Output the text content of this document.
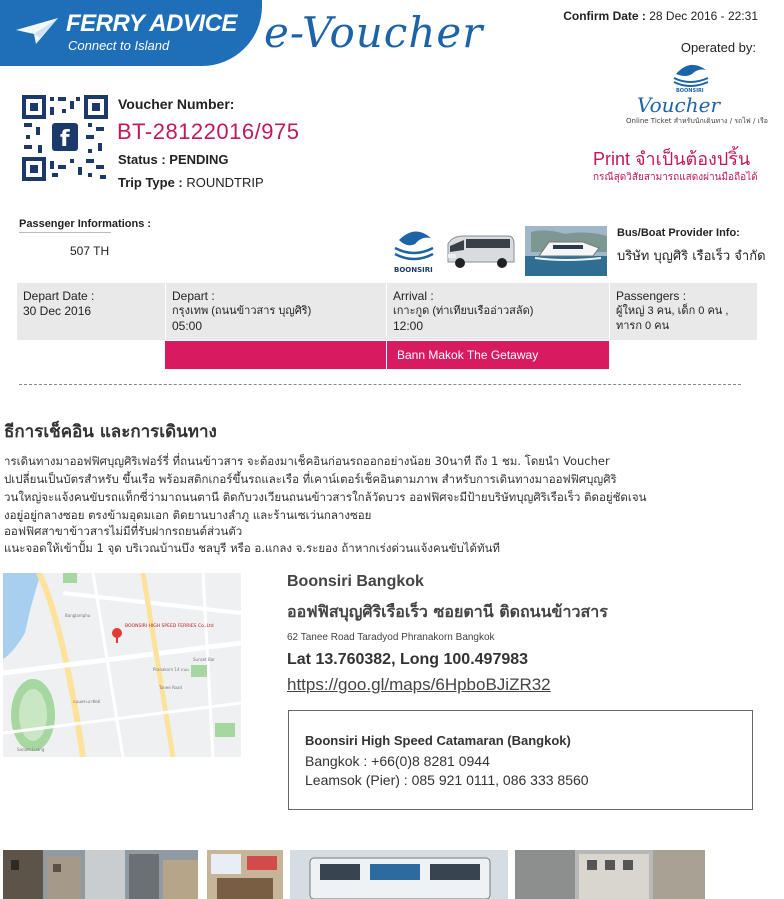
FERRY ADVICE
Connect to Island e-Voucher	Confirm Date : 28 Dec 2016 - 22:31
Operated by:
BOONSIRI
Voucher
Online Ticket สำหรับนักเดินทาง / รถไฟ / เรือ
Print จำเป็นต้องปริ้น
กรณีสุดวิสัยสามารถแสดงผ่านมือถือได้
f
Voucher Number:
BT-28122016/975
Status : PENDING
Trip Type : ROUNDTRIP
Passenger Informations :
507 TH
BOONSIRI
Bus/Boat Provider Info:
บริษัท บุญศิริ เรือเร็ว จำกัด
Depart Date :
30 Dec 2016
Depart :
กรุงเทพ (ถนนข้าวสาร บุญศิริ)
05:00
Arrival :
เกาะกูด (ท่าเทียบเรืออ่าวสลัด)
12:00
Passengers :
ผู้ใหญ่ 3 คน, เด็ก 0 คน ,
ทารก 0 คน
Bann Makok The Getaway
ธีการเช็คอิน และการเดินทาง
ารเดินทางมาออฟฟิศบุญศิริเฟอร์รี่ ที่ถนนข้าวสาร จะต้องมาเช็คอินก่อนรถออกอย่างน้อย 30นาที ถึง 1 ชม. โดยนำ Voucher
ปเปลี่ยนเป็นบัตรสำหรับ ขึ้นเรือ พร้อมสติกเกอร์ขึ้นรถและเรือ ที่เคาน์เตอร์เช็คอินตามภาพ สำหรับการเดินทางมาออฟฟิศบุญศิริ
วนใหญ่จะแจ้งคนขับรถแท็กซี่ว่ามาถนนตานี ติดกับวงเวียนถนนข้าวสารใกล้วัดบวร ออฟฟิศจะมีป้ายบริษัทบุญศิริเรือเร็ว ติดอยู่ชัดเจน
งอยู่อยู่กลางซอย ตรงข้ามอุดมเอก ติดยานบางลำภู และร้านเซเว่นกลางซอย
ออฟฟิศสาขาข้าวสารไม่มีที่รับฝากรถยนต์ส่วนตัว
แนะจอดให้เข้าปั้ม 1 จุด บริเวณบ้านบึง ชลบุรี หรือ อ.แกลง จ.ระยอง ถ้าหากเร่งด่วนแจ้งคนขับได้ทันที
BOONSIRI HIGH SPEED FERRIES Co.,Ltd
Pranakorn 14 ถนน
Tanee Road
Sunset Bar
Banglamphu
ถนนพระอาทิตย์
Sanam Luang
Boonsiri Bangkok
ออฟฟิสบุญศิริเรือเร็ว ซอยตานี ติดถนนข้าวสาร
62 Tanee Road Taradyod Phranakorn Bangkok
Lat 13.760382, Long 100.497983
https://goo.gl/maps/6HpboBJiZR32
Boonsiri High Speed Catamaran (Bangkok)
Bangkok : +66(0)8 8281 0944
Leamsok (Pier) : 085 921 0111, 086 333 8560
